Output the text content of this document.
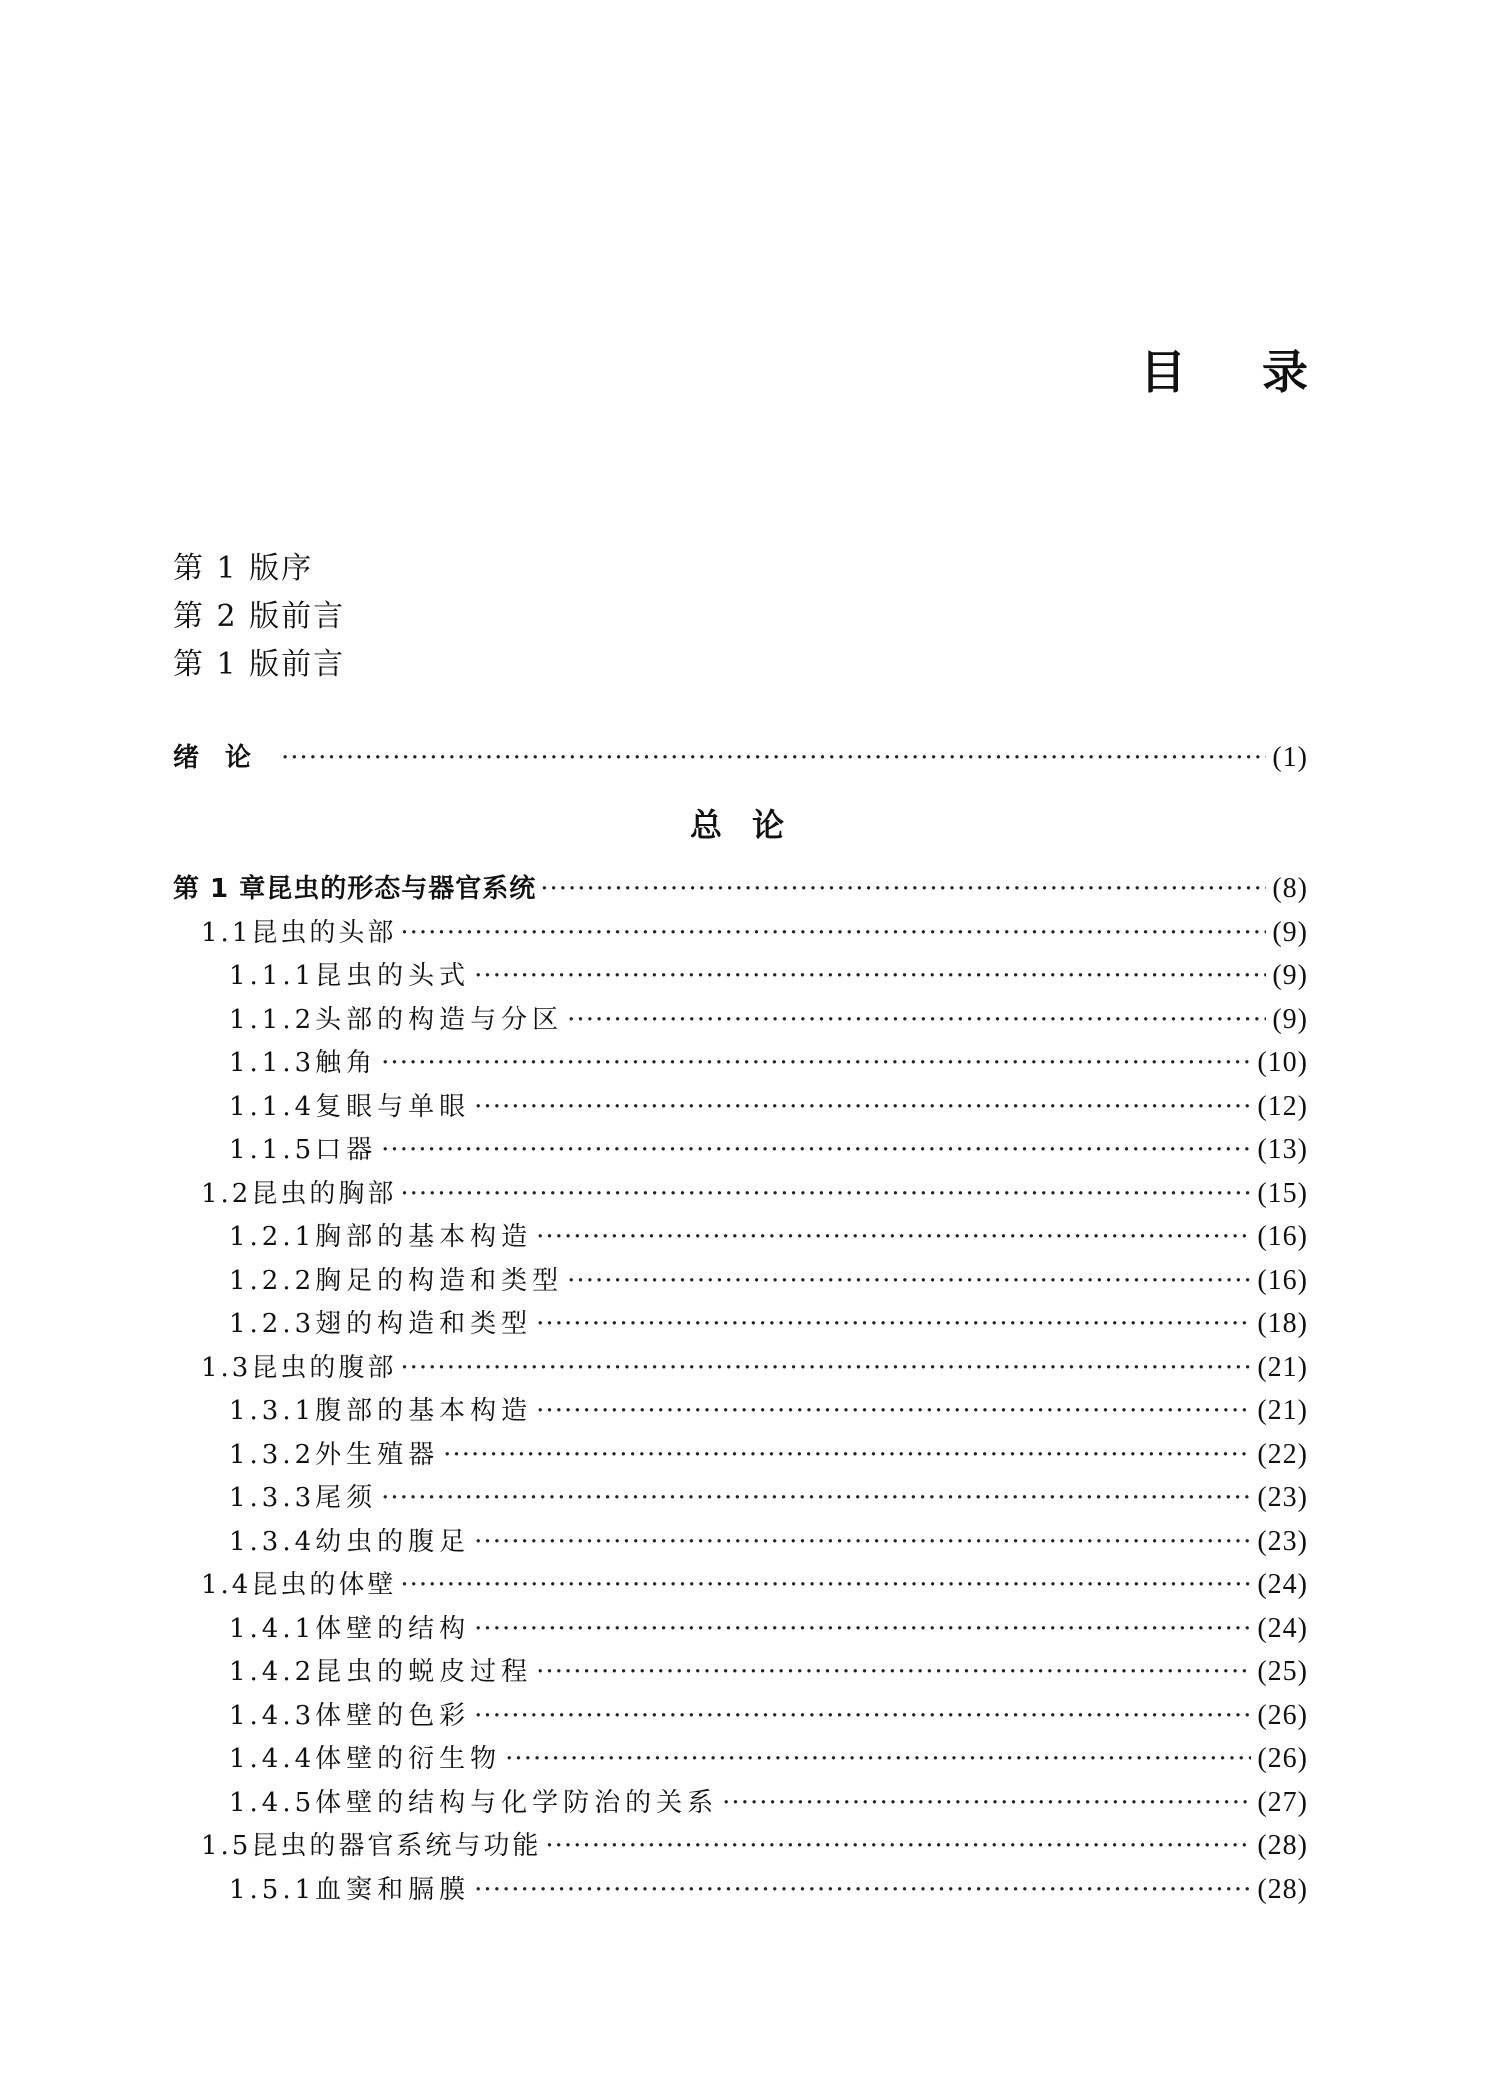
目 录
第 1 版序
第 2 版前言
第 1 版前言
绪论 ·····	(1)
总论
第 1 章 昆虫的形态与器官系统 ·····	(8)
1.1 昆虫的头部 ·····	(9)
1.1.1 昆虫的头式 ·····	(9)
1.1.2 头部的构造与分区 ·····	(9)
1.1.3 触角 ·····	(10)
1.1.4 复眼与单眼 ·····	(12)
1.1.5 口器 ·····	(13)
1.2 昆虫的胸部 ·····	(15)
1.2.1 胸部的基本构造 ·····	(16)
1.2.2 胸足的构造和类型 ·····	(16)
1.2.3 翅的构造和类型 ·····	(18)
1.3 昆虫的腹部 ·····	(21)
1.3.1 腹部的基本构造 ·····	(21)
1.3.2 外生殖器 ·····	(22)
1.3.3 尾须 ·····	(23)
1.3.4 幼虫的腹足 ·····	(23)
1.4 昆虫的体壁 ·····	(24)
1.4.1 体壁的结构 ·····	(24)
1.4.2 昆虫的蜕皮过程 ·····	(25)
1.4.3 体壁的色彩 ·····	(26)
1.4.4 体壁的衍生物 ·····	(26)
1.4.5 体壁的结构与化学防治的关系 ·····	(27)
1.5 昆虫的器官系统与功能 ·····	(28)
1.5.1 血窦和膈膜 ·····	(28)
